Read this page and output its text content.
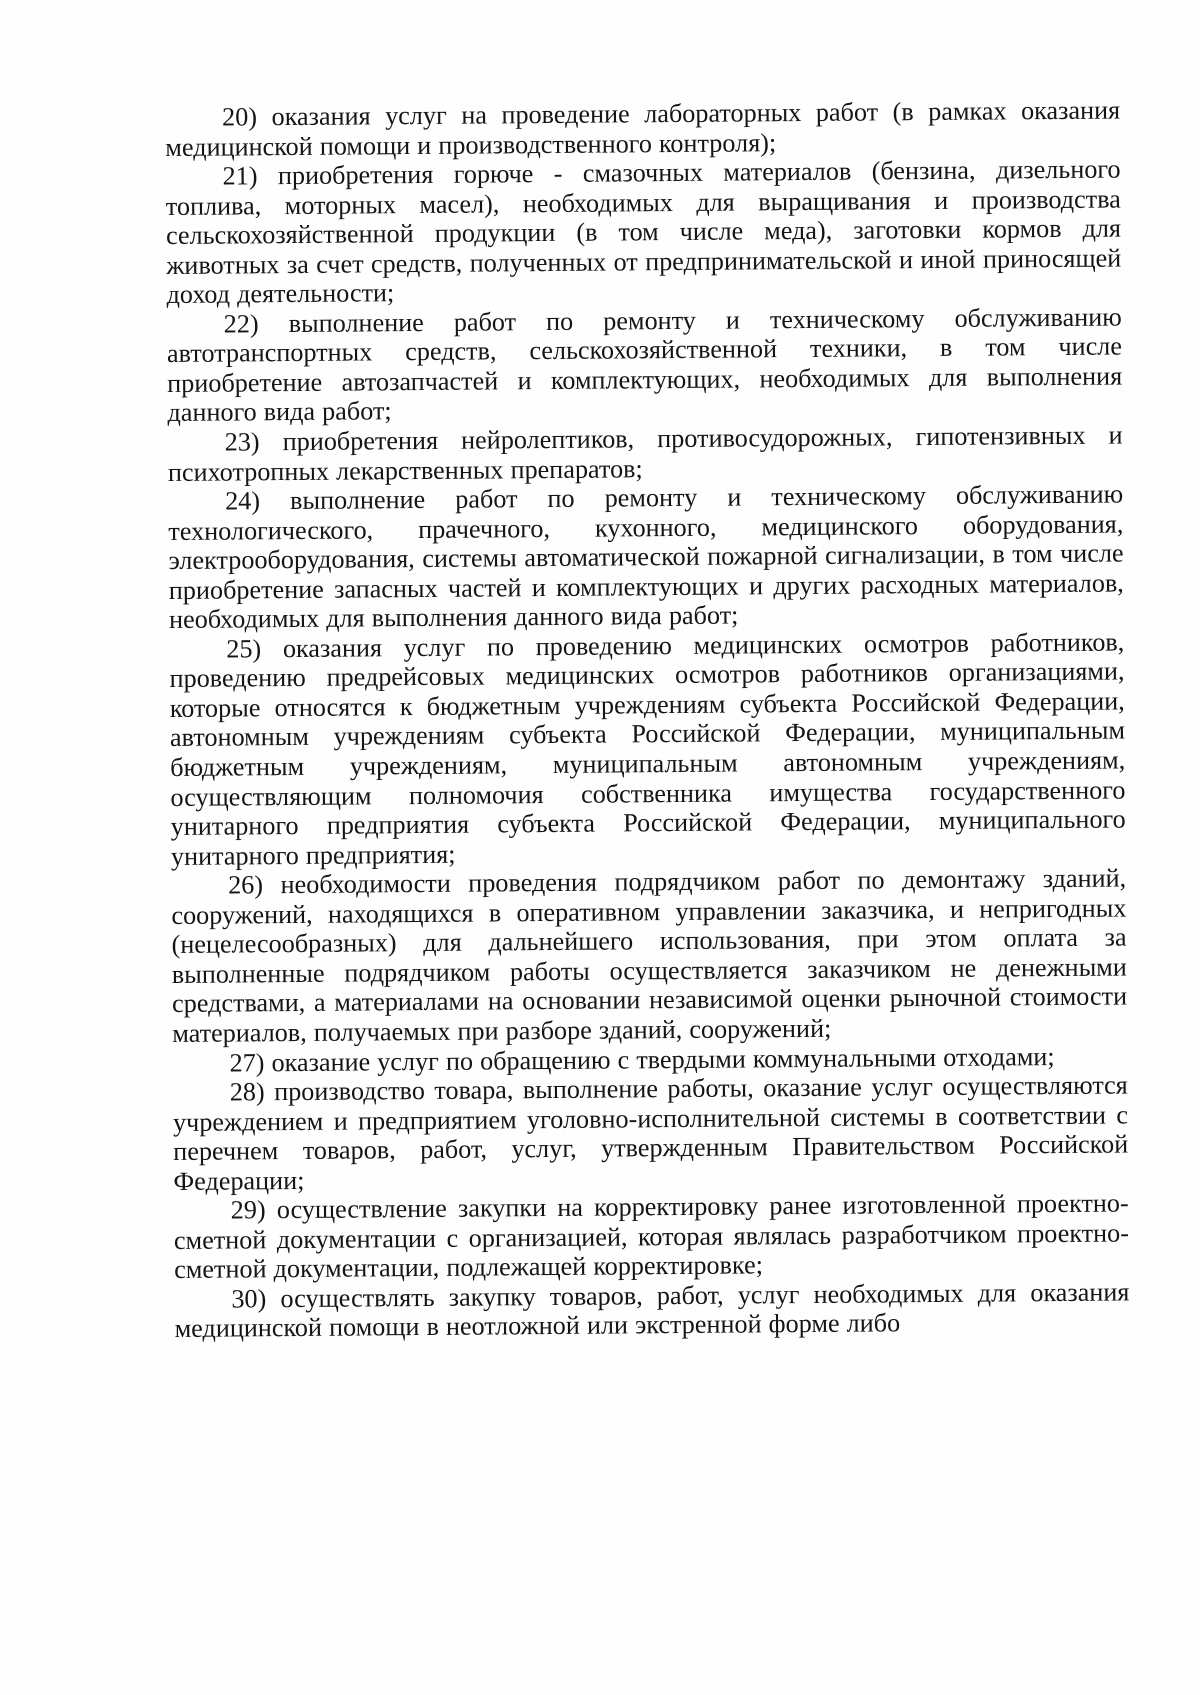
20) оказания услуг на проведение лабораторных работ (в рамках оказания медицинской помощи и производственного контроля);

21) приобретения горюче - смазочных материалов (бензина, дизельного топлива, моторных масел), необходимых для выращивания и производства сельскохозяйственной продукции (в том числе меда), заготовки кормов для животных за счет средств, полученных от предпринимательской и иной приносящей доход деятельности;

22) выполнение работ по ремонту и техническому обслуживанию автотранспортных средств, сельскохозяйственной техники, в том числе приобретение автозапчастей и комплектующих, необходимых для выполнения данного вида работ;

23) приобретения нейролептиков, противосудорожных, гипотензивных и психотропных лекарственных препаратов;

24) выполнение работ по ремонту и техническому обслуживанию технологического, прачечного, кухонного, медицинского оборудования, электрооборудования, системы автоматической пожарной сигнализации, в том числе приобретение запасных частей и комплектующих и других расходных материалов, необходимых для выполнения данного вида работ;

25) оказания услуг по проведению медицинских осмотров работников, проведению предрейсовых медицинских осмотров работников организациями, которые относятся к бюджетным учреждениям субъекта Российской Федерации, автономным учреждениям субъекта Российской Федерации, муниципальным бюджетным учреждениям, муниципальным автономным учреждениям, осуществляющим полномочия собственника имущества государственного унитарного предприятия субъекта Российской Федерации, муниципального унитарного предприятия;

26) необходимости проведения подрядчиком работ по демонтажу зданий, сооружений, находящихся в оперативном управлении заказчика, и непригодных (нецелесообразных) для дальнейшего использования, при этом оплата за выполненные подрядчиком работы осуществляется заказчиком не денежными средствами, а материалами на основании независимой оценки рыночной стоимости материалов, получаемых при разборе зданий, сооружений;

27) оказание услуг по обращению с твердыми коммунальными отходами;

28) производство товара, выполнение работы, оказание услуг осуществляются учреждением и предприятием уголовно-исполнительной системы в соответствии с перечнем товаров, работ, услуг, утвержденным Правительством Российской Федерации;

29) осуществление закупки на корректировку ранее изготовленной проектно-сметной документации с организацией, которая являлась разработчиком проектно-сметной документации, подлежащей корректировке;

30) осуществлять закупку товаров, работ, услуг необходимых для оказания медицинской помощи в неотложной или экстренной форме либо
